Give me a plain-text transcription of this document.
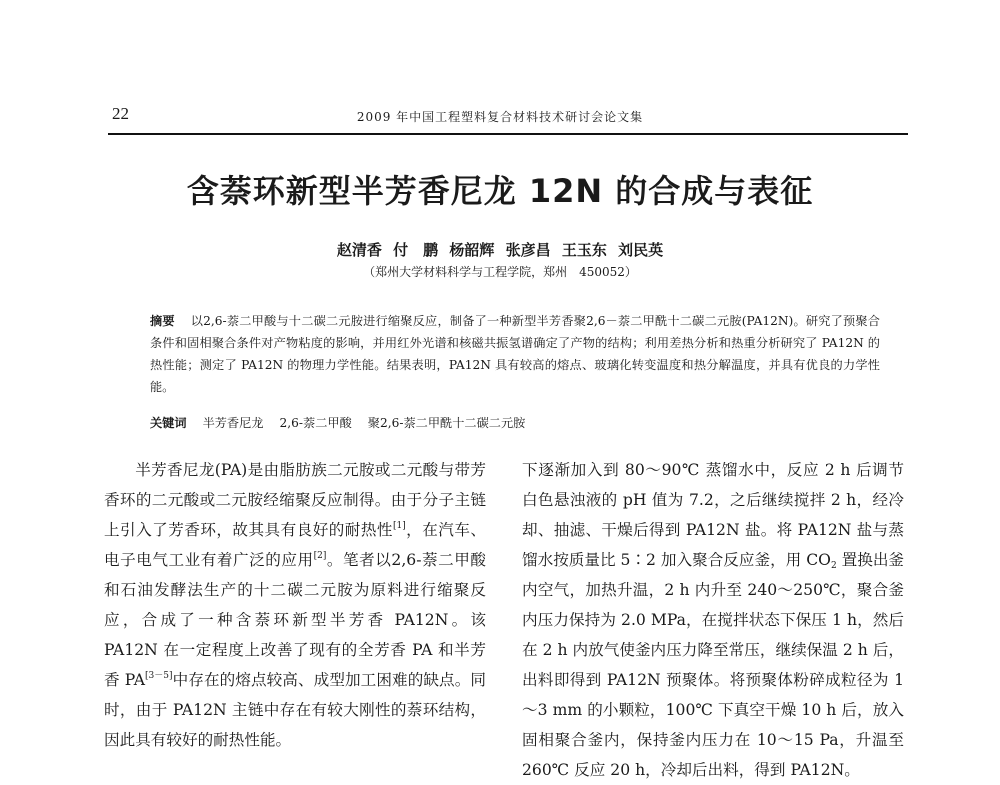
22	2009 年中国工程塑料复合材料技术研讨会论文集
含萘环新型半芳香尼龙 12N 的合成与表征
赵清香 付　鹏 杨韶辉 张彦昌 王玉东 刘民英
（郑州大学材料科学与工程学院，郑州　450052）
摘要 以2,6-萘二甲酸与十二碳二元胺进行缩聚反应，制备了一种新型半芳香聚2,6－萘二甲酰十二碳二元胺(PA12N)。研究了预聚合条件和固相聚合条件对产物粘度的影响，并用红外光谱和核磁共振氢谱确定了产物的结构；利用差热分析和热重分析研究了 PA12N 的热性能；测定了 PA12N 的物理力学性能。结果表明，PA12N 具有较高的熔点、玻璃化转变温度和热分解温度，并具有优良的力学性能。
关键词 半芳香尼龙 2,6-萘二甲酸 聚2,6-萘二甲酰十二碳二元胺

半芳香尼龙(PA)是由脂肪族二元胺或二元酸与带芳香环的二元酸或二元胺经缩聚反应制得。由于分子主链上引入了芳香环，故其具有良好的耐热性[1]，在汽车、电子电气工业有着广泛的应用[2]。笔者以2,6-萘二甲酸和石油发酵法生产的十二碳二元胺为原料进行缩聚反应，合成了一种含萘环新型半芳香 PA12N。该 PA12N 在一定程度上改善了现有的全芳香 PA 和半芳香 PA[3－5]中存在的熔点较高、成型加工困难的缺点。同时，由于 PA12N 主链中存在有较大刚性的萘环结构，因此具有较好的耐热性能。

下逐渐加入到 80～90℃ 蒸馏水中，反应 2 h 后调节白色悬浊液的 pH 值为 7.2，之后继续搅拌 2 h，经冷却、抽滤、干燥后得到 PA12N 盐。将 PA12N 盐与蒸馏水按质量比 5∶2 加入聚合反应釜，用 $CO_2$ 置换出釜内空气，加热升温，2 h 内升至 240～250℃，聚合釜内压力保持为 2.0 MPa，在搅拌状态下保压 1 h，然后在 2 h 内放气使釜内压力降至常压，继续保温 2 h 后，出料即得到 PA12N 预聚体。将预聚体粉碎成粒径为 1～3 mm 的小颗粒，100℃ 下真空干燥 10 h 后，放入固相聚合釜内，保持釜内压力在 10～15 Pa，升温至 260℃ 反应 20 h，冷却后出料，得到 PA12N。
